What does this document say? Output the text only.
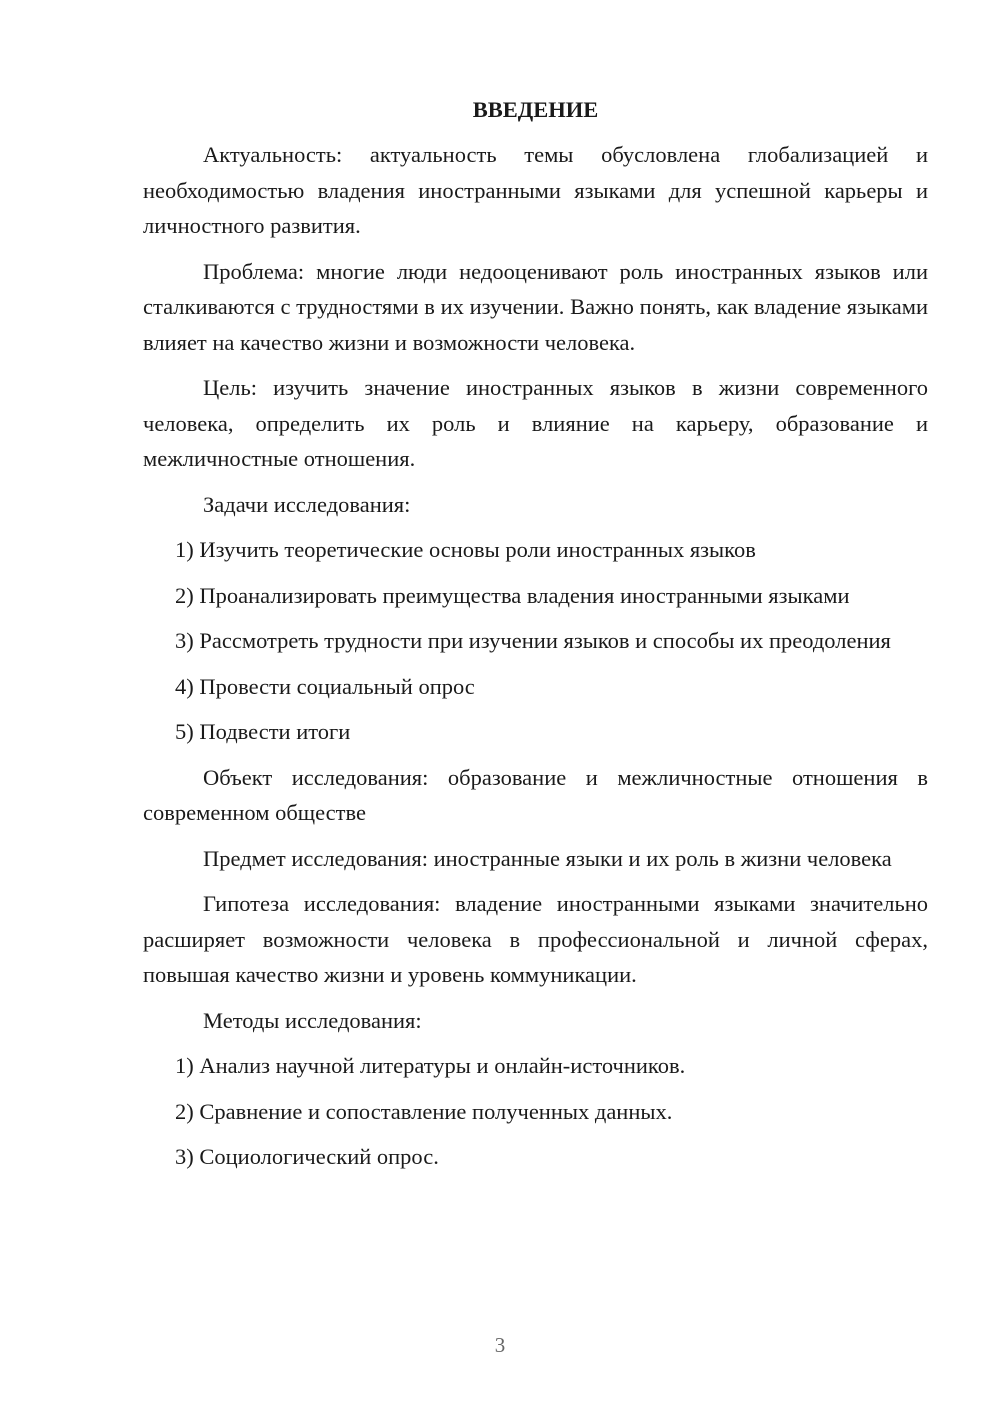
ВВЕДЕНИЕ
Актуальность: актуальность темы обусловлена глобализацией и необходимостью владения иностранными языками для успешной карьеры и личностного развития.
Проблема: многие люди недооценивают роль иностранных языков или сталкиваются с трудностями в их изучении. Важно понять, как владение языками влияет на качество жизни и возможности человека.
Цель: изучить значение иностранных языков в жизни современного человека, определить их роль и влияние на карьеру, образование и межличностные отношения.
Задачи исследования:
1) Изучить теоретические основы роли иностранных языков
2) Проанализировать преимущества владения иностранными языками
3) Рассмотреть трудности при изучении языков и способы их преодоления
4) Провести социальный опрос
5) Подвести итоги
Объект исследования: образование и межличностные отношения в современном обществе
Предмет исследования: иностранные языки и их роль в жизни человека
Гипотеза исследования: владение иностранными языками значительно расширяет возможности человека в профессиональной и личной сферах, повышая качество жизни и уровень коммуникации.
Методы исследования:
1) Анализ научной литературы и онлайн-источников.
2) Сравнение и сопоставление полученных данных.
3) Социологический опрос.
3
